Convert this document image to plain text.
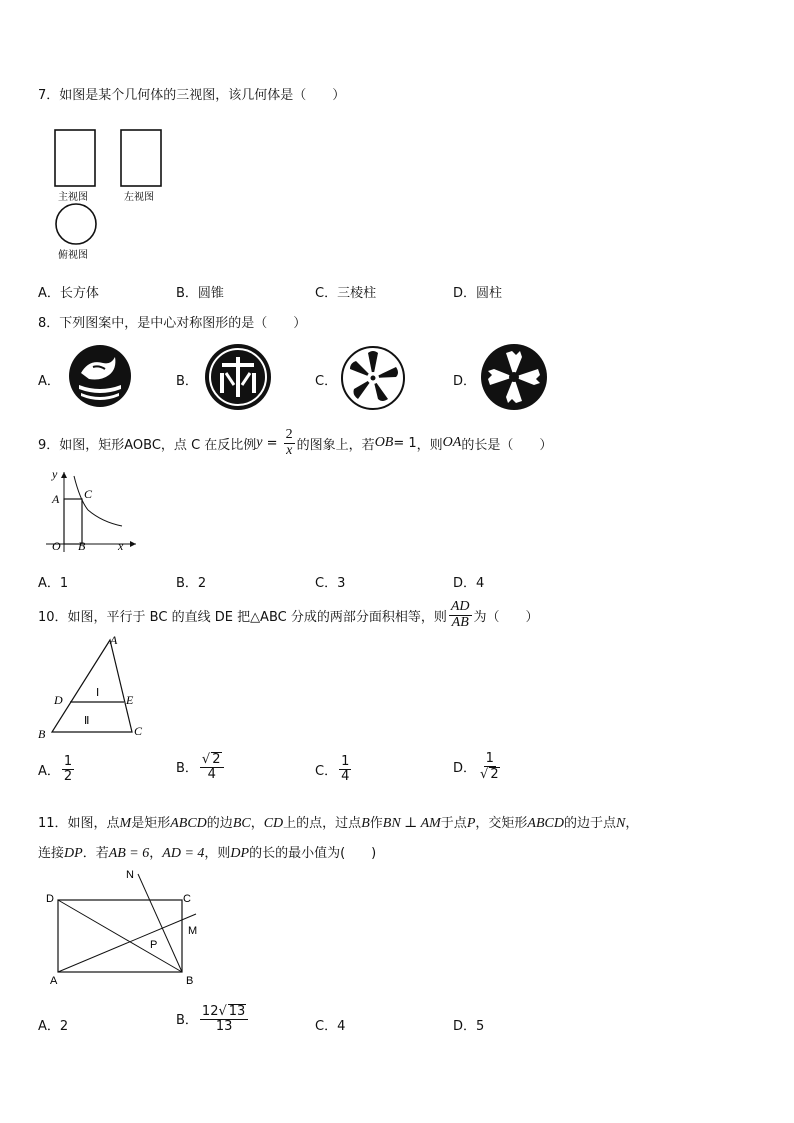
7．如图是某个几何体的三视图，该几何体是（　　）
主视图	左视图
俯视图
A．长方体	B．圆锥	C．三棱柱	D．圆柱
8．下列图案中，是中心对称图形的是（　　）
A．	B．	C．	D．
9．如图，矩形AOBC，点 C 在反比例 $y = \frac{2}{x}$ 的图象上，若 OB = 1 ，则 OA 的长是（　　）
y
A C
O B	x
A．1	B．2	C．3	D．4
10．如图，平行于 BC 的直线 DE 把△ABC 分成的两部分面积相等，则 $\frac{AD}{AB}$ 为（　　）
A
B	C
D	E
Ⅰ
Ⅱ
A． $\frac{1}{2}$	B． $\frac{√ 2}{4}$	C． $\frac{1}{4}$	D． $\frac{1}{√ 2}$
11．如图，点M是矩形ABCD的边BC，CD上的点，过点B作BN ⊥ AM于点P，交矩形ABCD的边于点N，
连接DP．若AB = 6，AD = 4，则DP的长的最小值为(　　)
N
C
D
M
P
A	B
A．2	B． $\frac{12√ 13}{13}$	C．4	D．5
